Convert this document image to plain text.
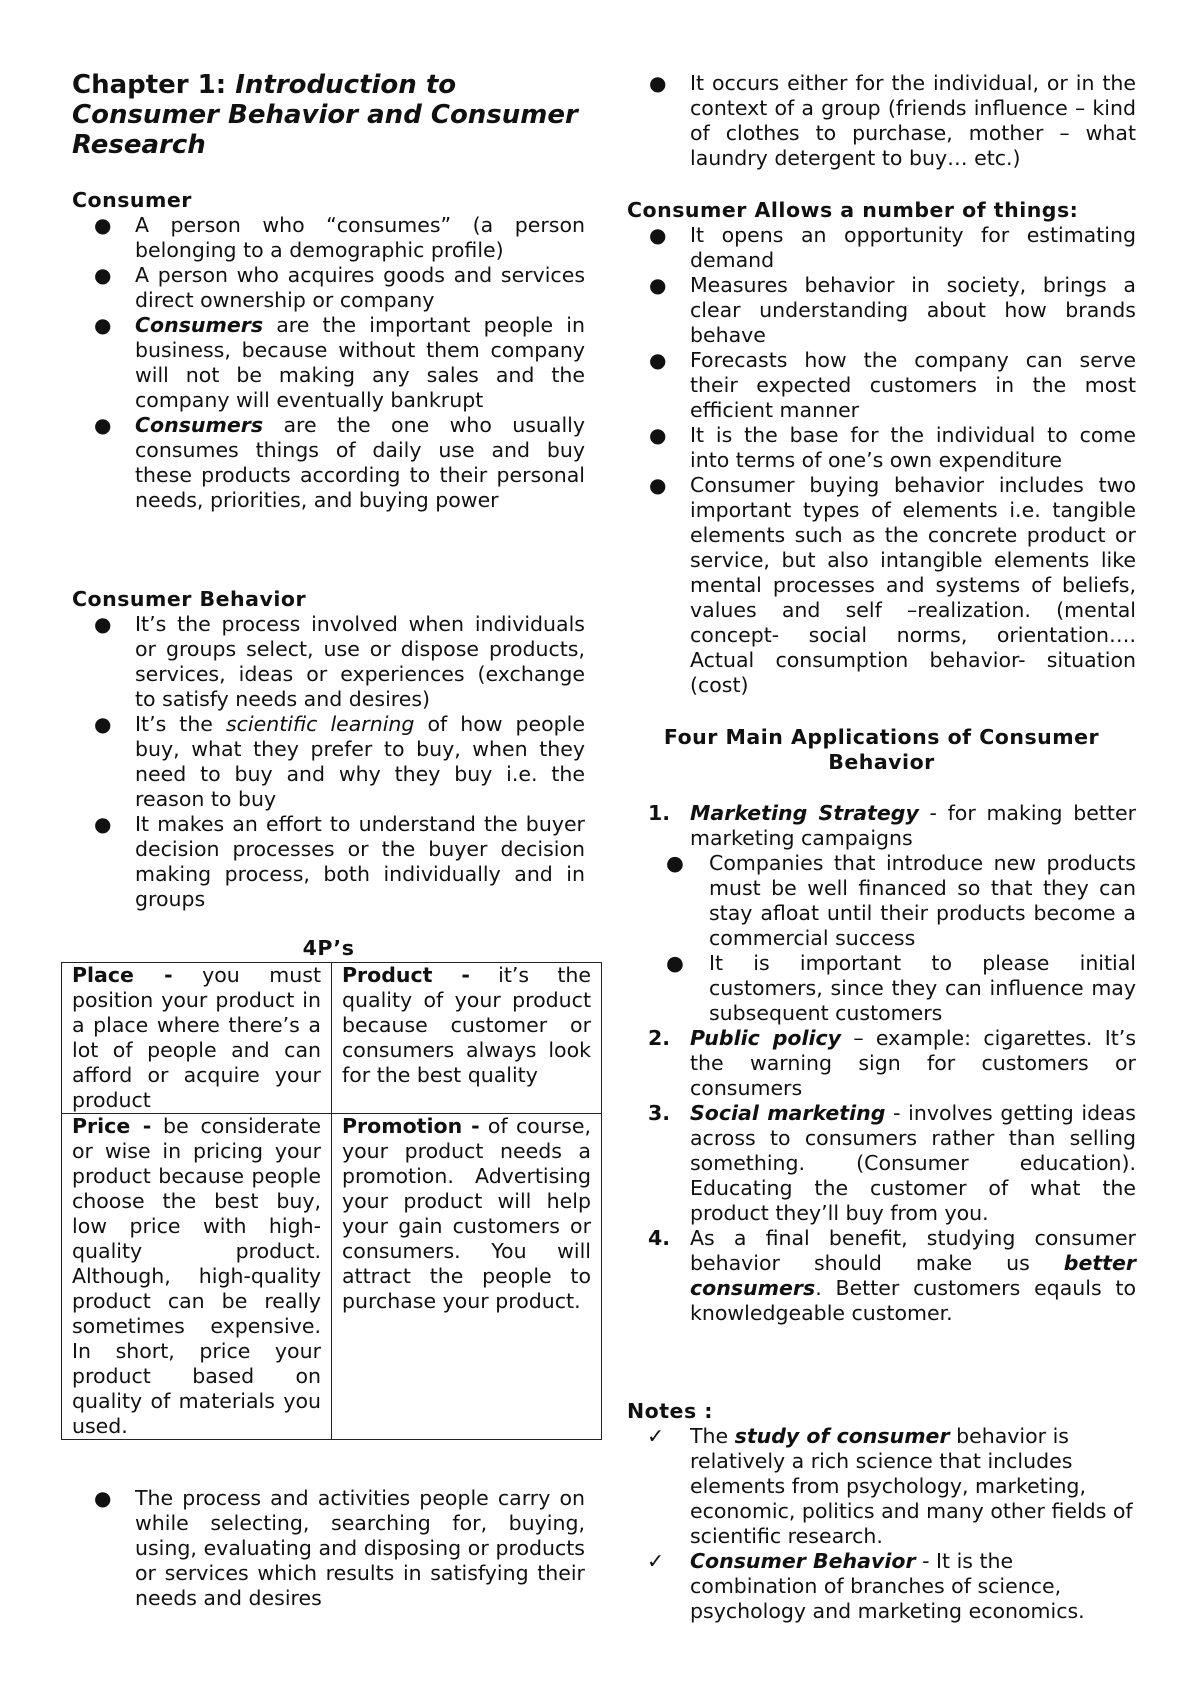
Chapter 1: Introduction to Consumer Behavior and Consumer Research
Consumer
● A person who “consumes” (a person belonging to a demographic profile)
● A person who acquires goods and services direct ownership or company
● Consumers are the important people in business, because without them company will not be making any sales and the company will eventually bankrupt
● Consumers are the one who usually consumes things of daily use and buy these products according to their personal needs, priorities, and buying power
Consumer Behavior
● It’s the process involved when individuals or groups select, use or dispose products, services, ideas or experiences (exchange to satisfy needs and desires)
● It’s the scientific learning of how people buy, what they prefer to buy, when they need to buy and why they buy i.e. the reason to buy
● It makes an effort to understand the buyer decision processes or the buyer decision making process, both individually and in groups
4P’s
Place - you must position your product in a place where there’s a lot of people and can afford or acquire your product	Product - it’s the quality of your product because customer or consumers always look for the best quality
Price - be considerate or wise in pricing your product because people choose the best buy, low price with high-quality product. Although, high-quality product can be really sometimes expensive. In short, price your product based on quality of materials you used.	Promotion - of course, your product needs a promotion. Advertising your product will help your gain customers or consumers. You will attract the people to purchase your product.
● The process and activities people carry on while selecting, searching for, buying, using, evaluating and disposing or products or services which results in satisfying their needs and desires
● It occurs either for the individual, or in the context of a group (friends influence – kind of clothes to purchase, mother – what laundry detergent to buy… etc.)
Consumer Allows a number of things:
● It opens an opportunity for estimating demand
● Measures behavior in society, brings a clear understanding about how brands behave
● Forecasts how the company can serve their expected customers in the most efficient manner
● It is the base for the individual to come into terms of one’s own expenditure
● Consumer buying behavior includes two important types of elements i.e. tangible elements such as the concrete product or service, but also intangible elements like mental processes and systems of beliefs, values and self –realization. (mental concept- social norms, orientation…. Actual consumption behavior- situation (cost)
Four Main Applications of Consumer Behavior
1. Marketing Strategy - for making better marketing campaigns
● Companies that introduce new products must be well financed so that they can stay afloat until their products become a commercial success
● It is important to please initial customers, since they can influence may subsequent customers
2. Public policy – example: cigarettes. It’s the warning sign for customers or consumers
3. Social marketing - involves getting ideas across to consumers rather than selling something. (Consumer education). Educating the customer of what the product they’ll buy from you.
4. As a final benefit, studying consumer behavior should make us better consumers. Better customers eqauls to knowledgeable customer.
Notes :
✓ The study of consumer behavior is relatively a rich science that includes elements from psychology, marketing, economic, politics and many other fields of scientific research.
✓ Consumer Behavior - It is the combination of branches of science, psychology and marketing economics.
